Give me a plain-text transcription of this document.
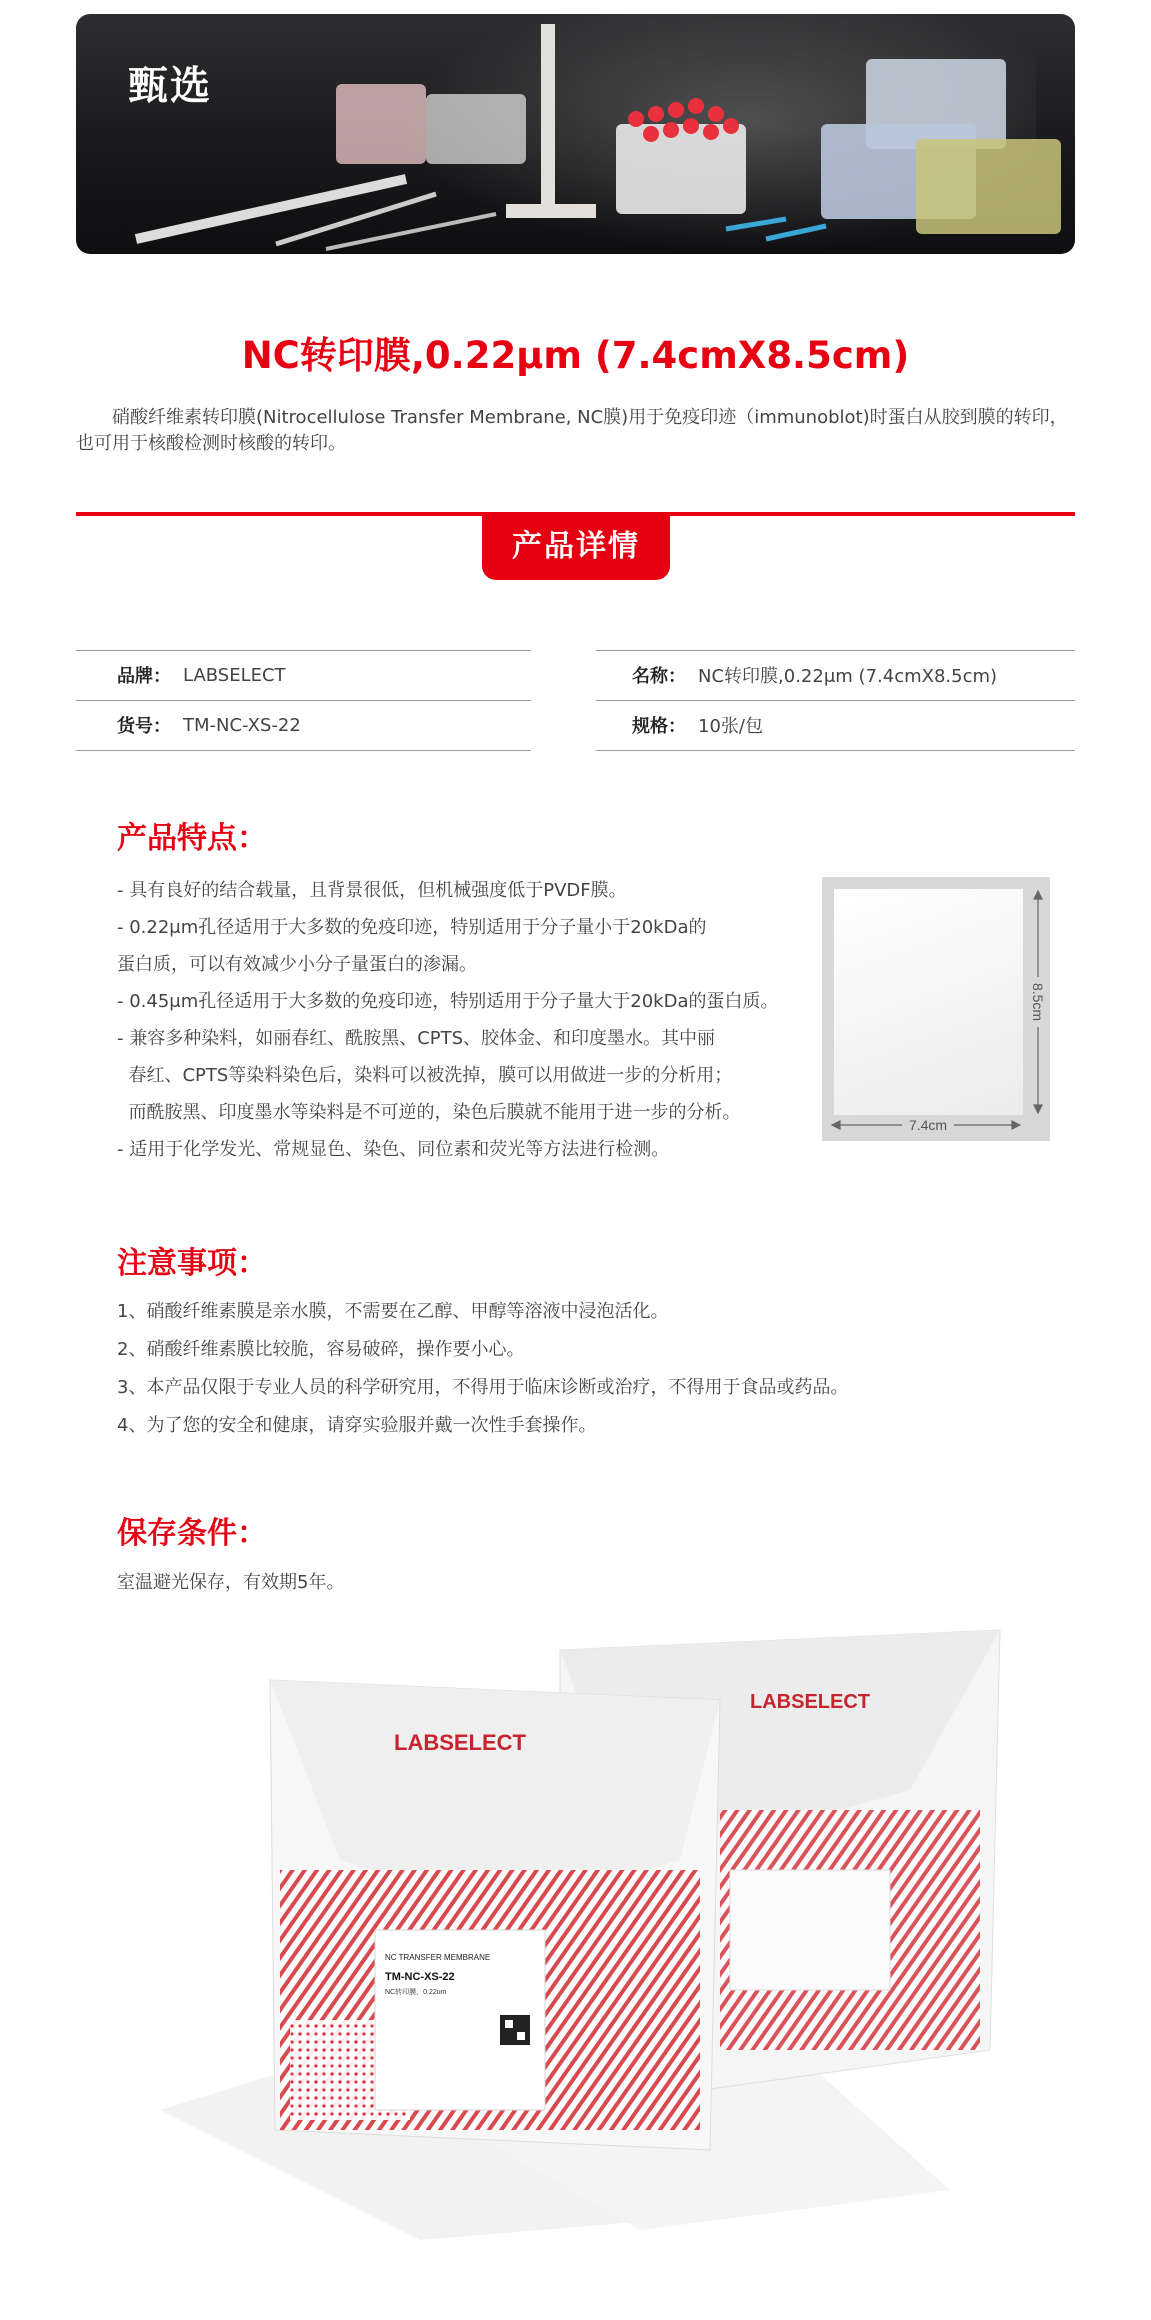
甄选
NC转印膜,0.22μm (7.4cmX8.5cm)
硝酸纤维素转印膜(Nitrocellulose Transfer Membrane, NC膜)用于免疫印迹（immunoblot)时蛋白从胶到膜的转印，也可用于核酸检测时核酸的转印。
产品详情
品牌： LABSELECT	名称： NC转印膜,0.22μm (7.4cmX8.5cm)
货号： TM-NC-XS-22	规格： 10张/包
产品特点：
- 具有良好的结合载量，且背景很低，但机械强度低于PVDF膜。
- 0.22μm孔径适用于大多数的免疫印迹，特别适用于分子量小于20kDa的
蛋白质，可以有效减少小分子量蛋白的渗漏。
- 0.45μm孔径适用于大多数的免疫印迹，特别适用于分子量大于20kDa的蛋白质。
- 兼容多种染料，如丽春红、酰胺黑、CPTS、胶体金、和印度墨水。其中丽
春红、CPTS等染料染色后，染料可以被洗掉，膜可以用做进一步的分析用；
而酰胺黑、印度墨水等染料是不可逆的，染色后膜就不能用于进一步的分析。
- 适用于化学发光、常规显色、染色、同位素和荧光等方法进行检测。
7.4cm
8.5cm
注意事项：
1、硝酸纤维素膜是亲水膜，不需要在乙醇、甲醇等溶液中浸泡活化。
2、硝酸纤维素膜比较脆，容易破碎，操作要小心。
3、本产品仅限于专业人员的科学研究用，不得用于临床诊断或治疗，不得用于食品或药品。
4、为了您的安全和健康，请穿实验服并戴一次性手套操作。
保存条件：
室温避光保存，有效期5年。
LABSELECT
LABSELECT
NC TRANSFER MEMBRANE
TM-NC-XS-22
NC转印膜，0.22um
